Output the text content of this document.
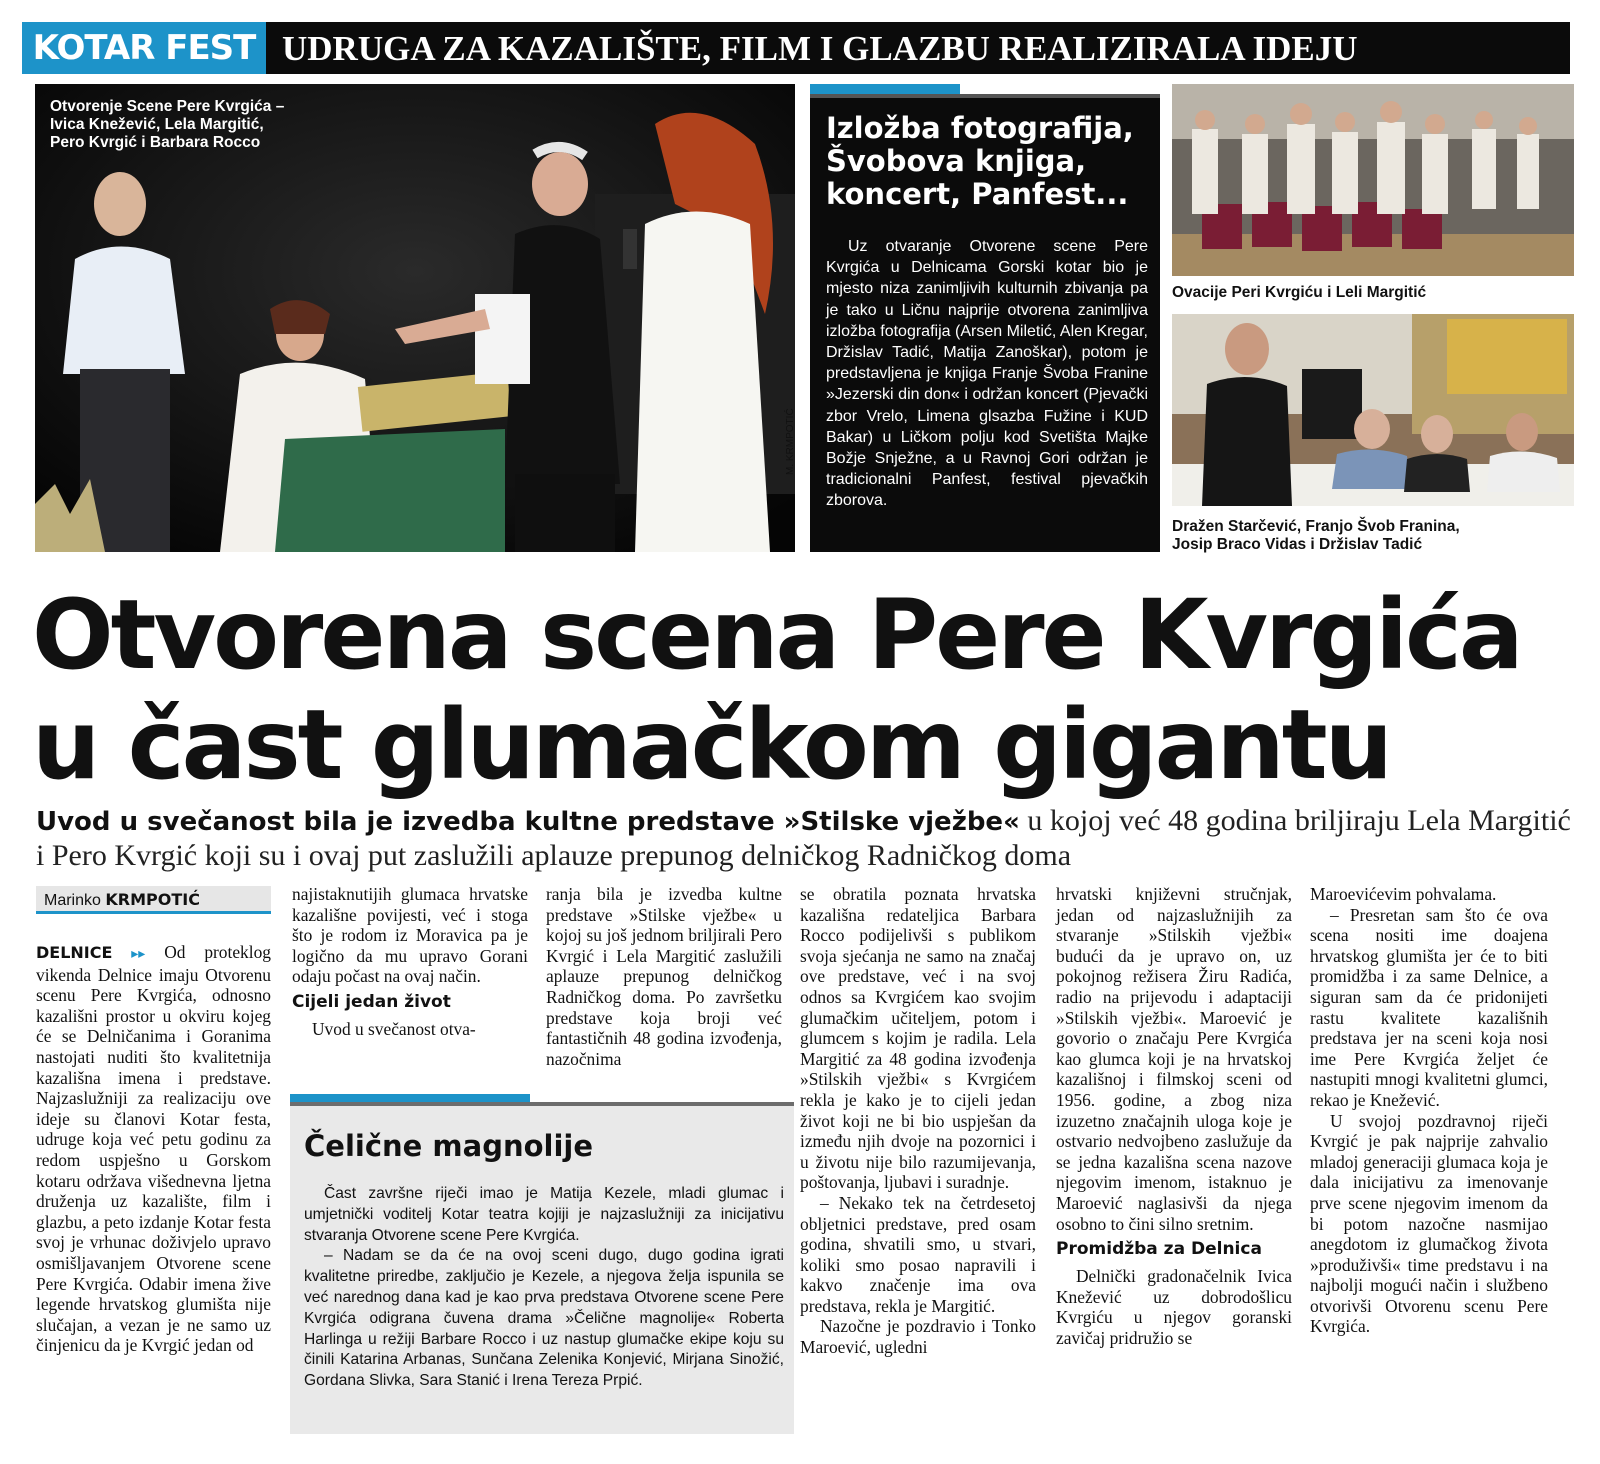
KOTAR FEST UDRUGA ZA KAZALIŠTE, FILM I GLAZBU REALIZIRALA IDEJU
Otvorenje Scene Pere Kvrgića –
Ivica Knežević, Lela Margitić,
Pero Kvrgić i Barbara Rocco
M. KRMPOTIĆ
Izložba fotografija,
Švobova knjiga,
koncert, Panfest...
Uz otvaranje Otvorene scene Pere Kvrgića u Delnicama Gorski kotar bio je mjesto niza zanimljivih kulturnih zbivanja pa je tako u Ličnu najprije otvorena zanimljiva izložba fotografija (Arsen Miletić, Alen Kregar, Držislav Tadić, Matija Zanoškar), potom je predstavljena je knjiga Franje Švoba Franine »Jezerski din don« i održan koncert (Pjevački zbor Vrelo, Limena glsazba Fužine i KUD Bakar) u Ličkom polju kod Svetišta Majke Božje Snježne, a u Ravnoj Gori održan je tradicionalni Panfest, festival pjevačkih zborova.
Ovacije Peri Kvrgiću i Leli Margitić
Dražen Starčević, Franjo Švob Franina,
Josip Braco Vidas i Držislav Tadić
Otvorena scena Pere Kvrgića
u čast glumačkom gigantu
Uvod u svečanost bila je izvedba kultne predstave »Stilske vježbe« u kojoj već 48 godina briljiraju Lela Margitić i Pero Kvrgić koji su i ovaj put zaslužili aplauze prepunog delničkog Radničkog doma
Marinko KRMPOTIĆ

DELNICE ▸▸ Od proteklog vikenda Delnice imaju Otvorenu scenu Pere Kvrgića, odnosno kazališni prostor u okviru kojeg će se Delničanima i Goranima nastojati nuditi što kvalitetnija kazališna imena i predstave. Najzaslužniji za realizaciju ove ideje su članovi Kotar festa, udruge koja već petu godinu za redom uspješno u Gorskom kotaru održava višednevna ljetna druženja uz kazalište, film i glazbu, a peto izdanje Kotar festa svoj je vrhunac doživjelo upravo osmišljavanjem Otvorene scene Pere Kvrgića. Odabir imena žive legende hrvatskog glumišta nije slučajan, a vezan je ne samo uz činjenicu da je Kvrgić jedan od

najistaknutijih glumaca hrvatske kazališne povijesti, već i stoga što je rodom iz Moravica pa je logično da mu upravo Gorani odaju počast na ovaj način.

Cijeli jedan život

Uvod u svečanost otva-

ranja bila je izvedba kultne predstave »Stilske vježbe« u kojoj su još jednom briljirali Pero Kvrgić i Lela Margitić zaslužili aplauze prepunog delničkog Radničkog doma. Po završetku predstave koja broji već fantastičnih 48 godina izvođenja, nazočnima

se obratila poznata hrvatska kazališna redateljica Barbara Rocco podijelivši s publikom svoja sjećanja ne samo na značaj ove predstave, već i na svoj odnos sa Kvrgićem kao svojim glumačkim učiteljem, potom i glumcem s kojim je radila. Lela Margitić za 48 godina izvođenja »Stilskih vježbi« s Kvrgićem rekla je kako je to cijeli jedan život koji ne bi bio uspješan da između njih dvoje na pozornici i u životu nije bilo razumijevanja, poštovanja, ljubavi i suradnje.

– Nekako tek na četrdesetoj obljetnici predstave, pred osam godina, shvatili smo, u stvari, koliki smo posao napravili i kakvo značenje ima ova predstava, rekla je Margitić.

Nazočne je pozdravio i Tonko Maroević, ugledni

hrvatski književni stručnjak, jedan od najzaslužnijih za stvaranje »Stilskih vježbi« budući da je upravo on, uz pokojnog režisera Žiru Radića, radio na prijevodu i adaptaciji »Stilskih vježbi«. Maroević je govorio o značaju Pere Kvrgića kao glumca koji je na hrvatskoj kazališnoj i filmskoj sceni od 1956. godine, a zbog niza izuzetno značajnih uloga koje je ostvario nedvojbeno zaslužuje da se jedna kazališna scena nazove njegovim imenom, istaknuo je Maroević naglasivši da njega osobno to čini silno sretnim.

Promidžba za Delnica

Delnički gradonačelnik Ivica Knežević uz dobrodošlicu Kvrgiću u njegov goranski zavičaj pridružio se

Maroevićevim pohvalama.

– Presretan sam što će ova scena nositi ime doajena hrvatskog glumišta jer će to biti promidžba i za same Delnice, a siguran sam da će pridonijeti rastu kvalitete kazališnih predstava jer na sceni koja nosi ime Pere Kvrgića željet će nastupiti mnogi kvalitetni glumci, rekao je Knežević.

U svojoj pozdravnoj riječi Kvrgić je pak najprije zahvalio mladoj generaciji glumaca koja je dala inicijativu za imenovanje prve scene njegovim imenom da bi potom nazočne nasmijao anegdotom iz glumačkog života »produživši« time predstavu i na najbolji mogući način i službeno otvorivši Otvorenu scenu Pere Kvrgića.

Čelične magnolije

Čast završne riječi imao je Matija Kezele, mladi glumac i umjetnički voditelj Kotar teatra kojiji je najzaslužniji za inicijativu stvaranja Otvorene scene Pere Kvrgića.

– Nadam se da će na ovoj sceni dugo, dugo godina igrati kvalitetne priredbe, zaključio je Kezele, a njegova želja ispunila se već narednog dana kad je kao prva predstava Otvorene scene Pere Kvrgića odigrana čuvena drama »Čelične magnolije« Roberta Harlinga u režiji Barbare Rocco i uz nastup glumačke ekipe koju su činili Katarina Arbanas, Sunčana Zelenika Konjević, Mirjana Sinožić, Gordana Slivka, Sara Stanić i Irena Tereza Prpić.
